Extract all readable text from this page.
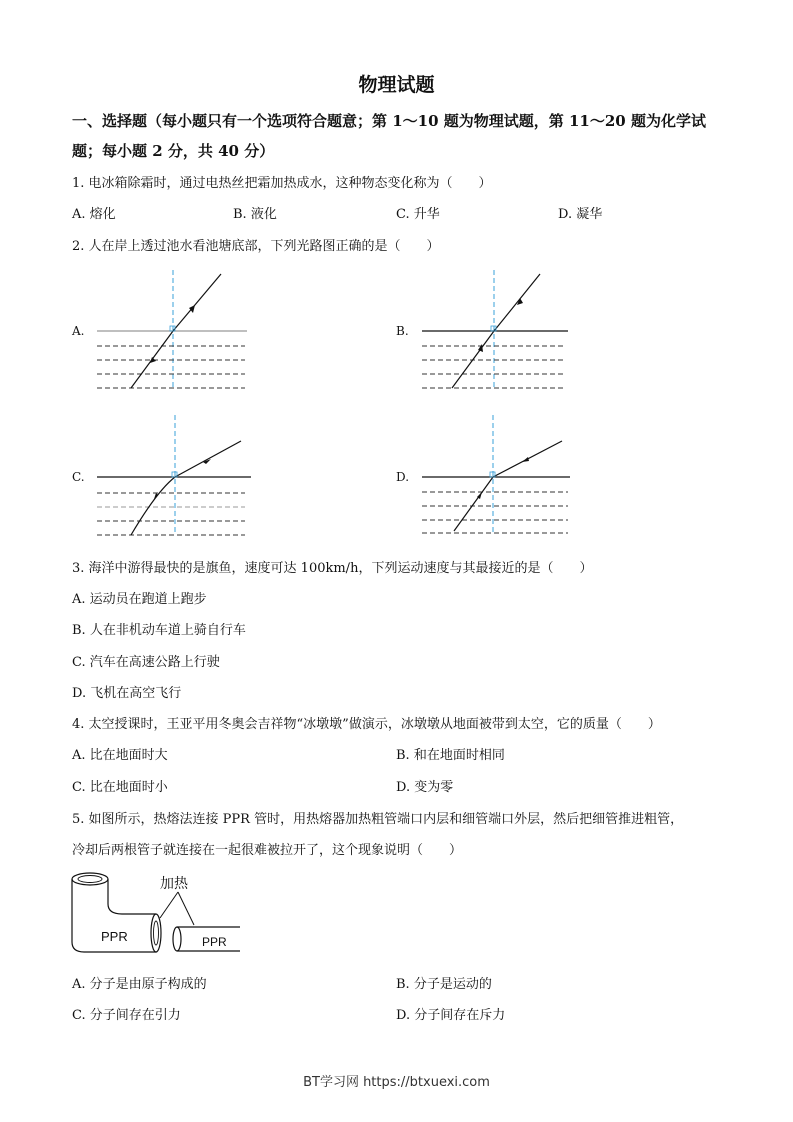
物理试题
一、选择题（每小题只有一个选项符合题意；第 1～10 题为物理试题，第 11～20 题为化学试
题；每小题 2 分，共 40 分）
1. 电冰箱除霜时，通过电热丝把霜加热成水，这种物态变化称为（　　）
A. 熔化	B. 液化	C. 升华	D. 凝华
2. 人在岸上透过池水看池塘底部，下列光路图正确的是（　　）
A.	B.
C.	D.
3. 海洋中游得最快的是旗鱼，速度可达 100km/h，下列运动速度与其最接近的是（　　）
A. 运动员在跑道上跑步
B. 人在非机动车道上骑自行车
C. 汽车在高速公路上行驶
D. 飞机在高空飞行
4. 太空授课时，王亚平用冬奥会吉祥物“冰墩墩”做演示，冰墩墩从地面被带到太空，它的质量（　　）
A. 比在地面时大	B. 和在地面时相同
C. 比在地面时小	D. 变为零
5. 如图所示，热熔法连接 PPR 管时，用热熔器加热粗管端口内层和细管端口外层，然后把细管推进粗管，
冷却后两根管子就连接在一起很难被拉开了，这个现象说明（　　）
加热
PPR	PPR
A. 分子是由原子构成的	B. 分子是运动的
C. 分子间存在引力	D. 分子间存在斥力
BT学习网 https://btxuexi.com
